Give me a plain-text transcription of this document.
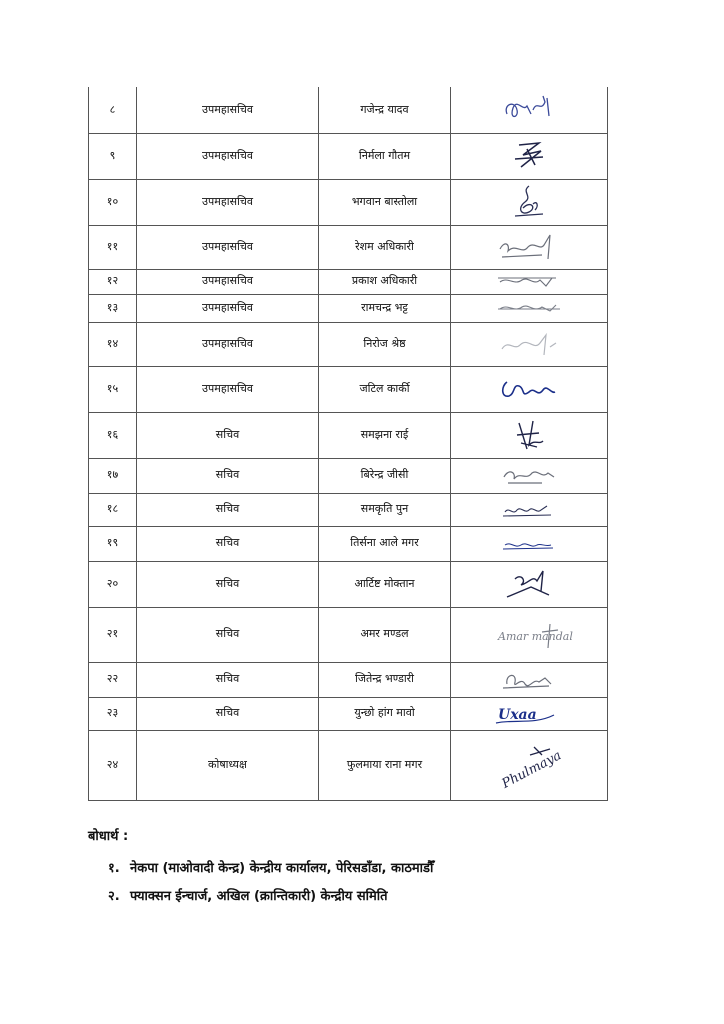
८	उपमहासचिव	गजेन्द्र यादव	

९	उपमहासचिव	निर्मला गौतम	

१०	उपमहासचिव	भगवान बास्तोला	

११	उपमहासचिव	रेशम अधिकारी	

१२	उपमहासचिव	प्रकाश अधिकारी	

१३	उपमहासचिव	रामचन्द्र भट्ट	

१४	उपमहासचिव	निरोज श्रेष्ठ	

१५	उपमहासचिव	जटिल कार्की	

१६	सचिव	समझना राई	

१७	सचिव	बिरेन्द्र जीसी	

१८	सचिव	समकृति पुन	

१९	सचिव	तिर्सना आले मगर	

२०	सचिव	आर्टिष्ट मोक्तान	

२१	सचिव	अमर मण्डल	Amar mandal

२२	सचिव	जितेन्द्र भण्डारी	

२३	सचिव	युन्छो हांग मावो	Uxaa

२४	कोषाध्यक्ष	फुलमाया राना मगर	Phulmaya
बोधार्थ :
१. नेकपा (माओवादी केन्द्र) केन्द्रीय कार्यालय, पेरिसडाँडा, काठमाडौँ
२. फ्याक्सन ईन्चार्ज, अखिल (क्रान्तिकारी) केन्द्रीय समिति
